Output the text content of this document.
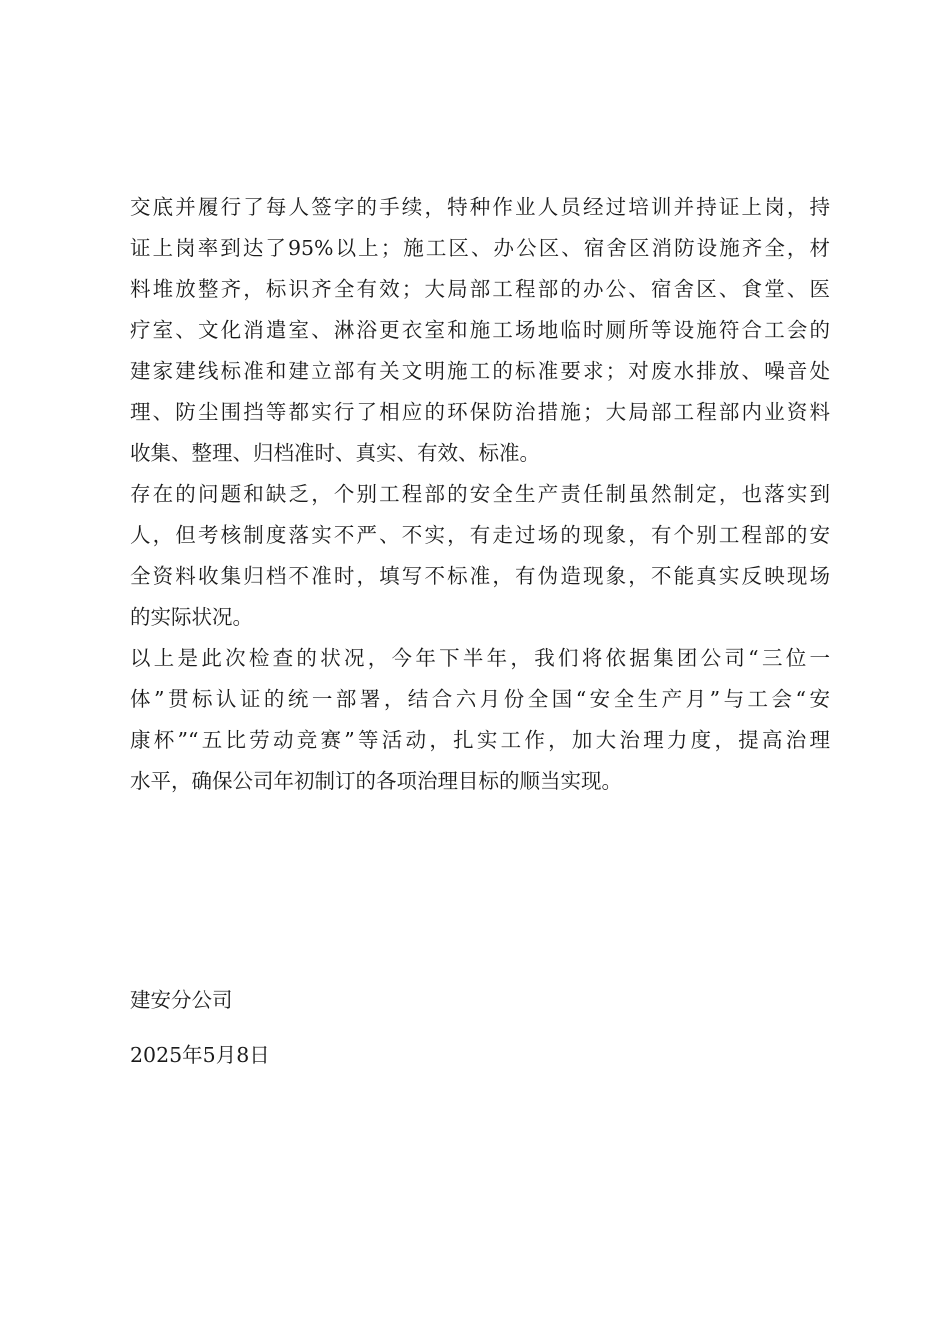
交底并履行了每人签字的手续，特种作业人员经过培训并持证上岗，持
证上岗率到达了95%以上；施工区、办公区、宿舍区消防设施齐全，材
料堆放整齐，标识齐全有效；大局部工程部的办公、宿舍区、食堂、医
疗室、文化消遣室、淋浴更衣室和施工场地临时厕所等设施符合工会的
建家建线标准和建立部有关文明施工的标准要求；对废水排放、噪音处
理、防尘围挡等都实行了相应的环保防治措施；大局部工程部内业资料
收集、整理、归档准时、真实、有效、标准。
存在的问题和缺乏，个别工程部的安全生产责任制虽然制定，也落实到
人，但考核制度落实不严、不实，有走过场的现象，有个别工程部的安
全资料收集归档不准时，填写不标准，有伪造现象，不能真实反映现场
的实际状况。
以上是此次检查的状况，今年下半年，我们将依据集团公司“三位一
体”贯标认证的统一部署，结合六月份全国“安全生产月”与工会“安
康杯”“五比劳动竞赛”等活动，扎实工作，加大治理力度，提高治理
水平，确保公司年初制订的各项治理目标的顺当实现。
建安分公司
2025年5月8日
